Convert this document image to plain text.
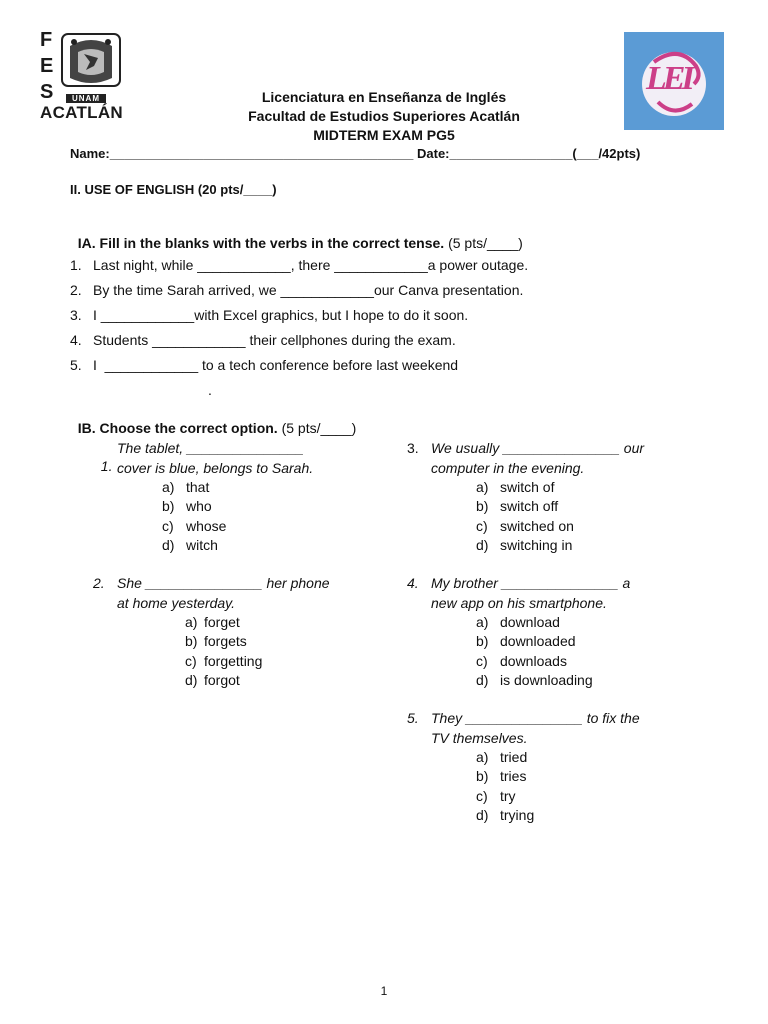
F
E
S
ACATLÁN
UNAM
LEI
Licenciatura en Enseñanza de Inglés
Facultad de Estudios Superiores Acatlán
MIDTERM EXAM PG5
Name:__________________________________________ Date:_________________(___/42pts)
II. USE OF ENGLISH (20 pts/____)

IA. Fill in the blanks with the verbs in the correct tense. (5 pts/____)

1. Last night, while ____________, there ____________a power outage.
2. By the time Sarah arrived, we ____________our Canva presentation.
3. I ____________with Excel graphics, but I hope to do it soon.
4. Students ____________ their cellphones during the exam.
5. I  ____________ to a tech conference before last weekend
.

IB. Choose the correct option. (5 pts/____)

1.

The tablet, _______________
cover is blue, belongs to Sarah.
a) that
b) who
c) whose
d) witch
2. She _______________ her phone
at home yesterday.
a) forget
b) forgets
c) forgetting
d) forgot
3. We usually _______________ our
computer in the evening.
a) switch of
b) switch off
c) switched on
d) switching in
4. My brother _______________ a
new app on his smartphone.
a) download
b) downloaded
c) downloads
d) is downloading
5. They _______________ to fix the
TV themselves.
a) tried
b) tries
c) try
d) trying
1
